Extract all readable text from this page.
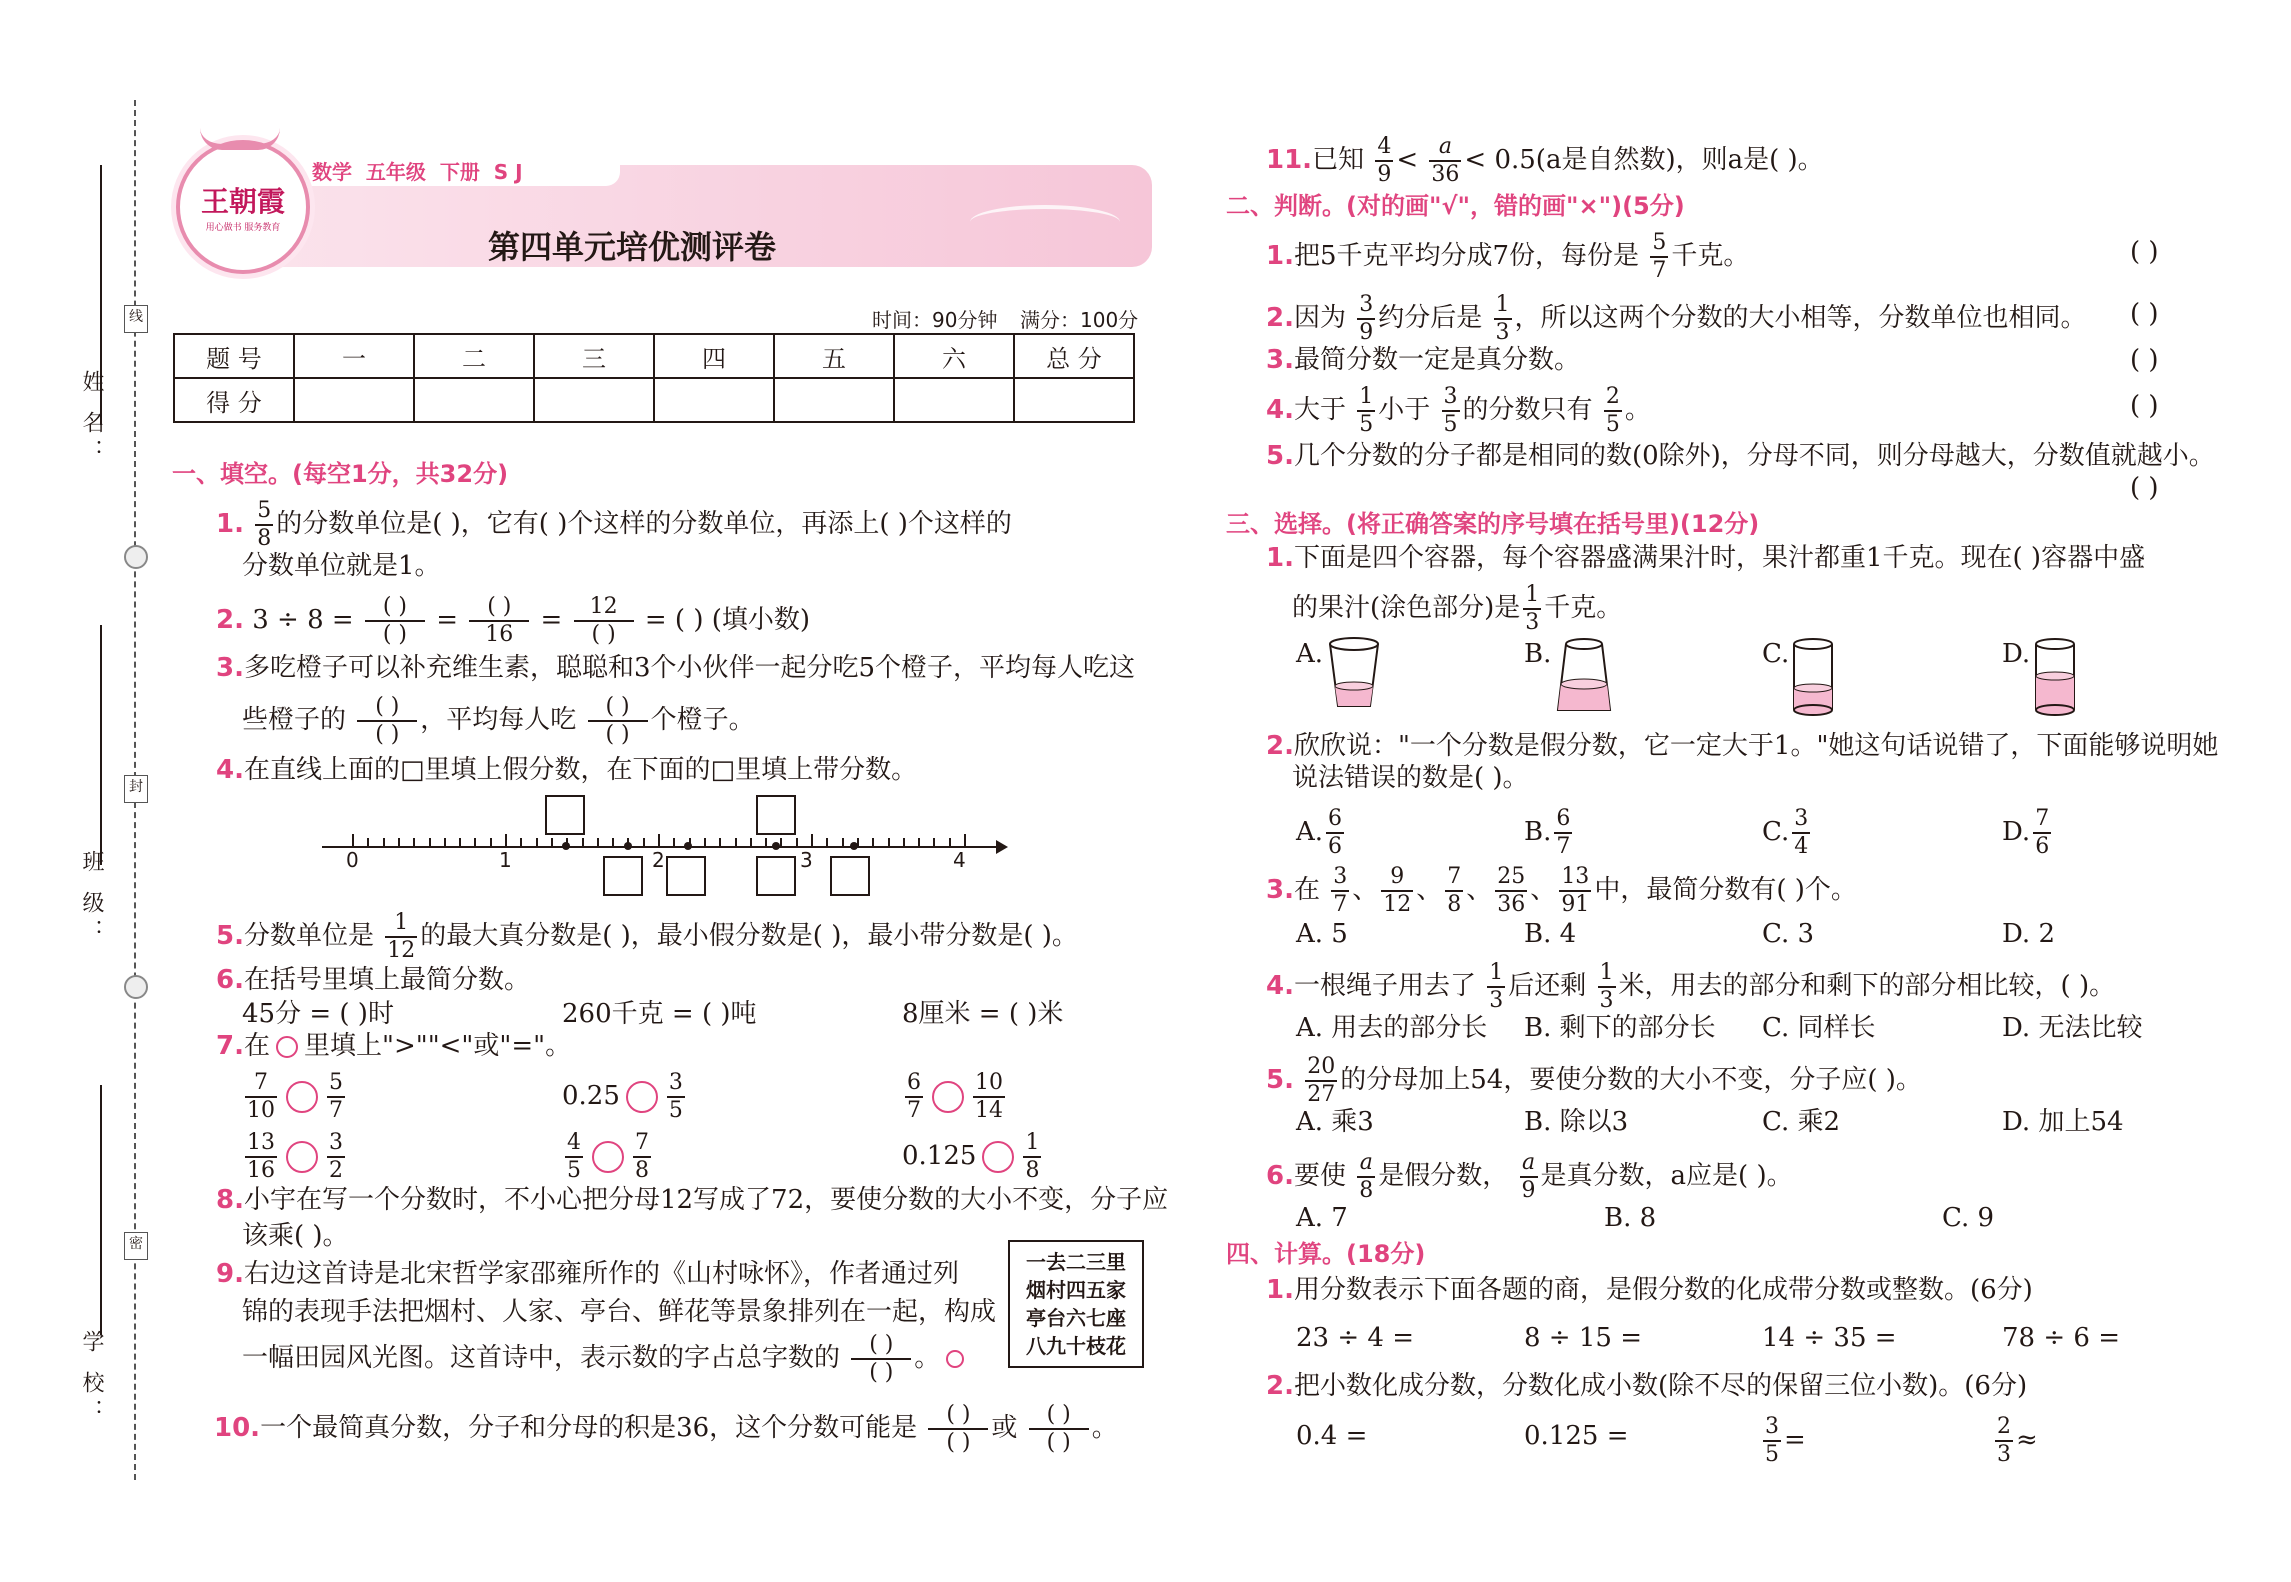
姓 名：
班 级：
学 校：
线
封
密
数学  五年级  下册  S J
王朝霞
用心做书 服务教育	第四单元培优测评卷
时间：90分钟 满分：100分
题 号	一	二	三	四	五	六	总 分
得 分							
一、填空。(每空1分，共32分)
1. $\frac{5}{8}$ 的分数单位是( )，它有( )个这样的分数单位，再添上( )个这样的
分数单位就是1。
2. $3 \div 8 = \frac{( )}{( )} = \frac{( )}{16} = \frac{12}{( )}$ = ( ) (填小数)
3.多吃橙子可以补充维生素，聪聪和3个小伙伴一起分吃5个橙子，平均每人吃这
些橙子的 $\frac{( )}{( )}$ ，平均每人吃 $\frac{( )}{( )}$ 个橙子。
4.在直线上面的□里填上假分数，在下面的□里填上带分数。
0	1	2	3	4
5.分数单位是 $\frac{1}{12}$ 的最大真分数是( )，最小假分数是( )，最小带分数是( )。
6.在括号里填上最简分数。
45分 = ( )时	260千克 = ( )吨	8厘米 = ( )米
7.在 里填上">""<"或"="。
$\frac{7}{10} \frac{5}{7}$	$0.25 \frac{3}{5}$	$\frac{6}{7} \frac{10}{14}$
$\frac{13}{16} \frac{3}{2}$	$\frac{4}{5} \frac{7}{8}$	$0.125 \frac{1}{8}$
8.小宇在写一个分数时，不小心把分母12写成了72，要使分数的大小不变，分子应
该乘( )。
9.右边这首诗是北宋哲学家邵雍所作的《山村咏怀》，作者通过列
锦的表现手法把烟村、人家、亭台、鲜花等景象排列在一起，构成
一幅田园风光图。这首诗中，表示数的字占总字数的 $\frac{( )}{( )}$ 。
一去二三里
烟村四五家
亭台六七座
八九十枝花
10.一个最简真分数，分子和分母的积是36，这个分数可能是 $\frac{( )}{( )}$ 或 $\frac{( )}{( )}$ 。
11.已知 $\frac{4}{9} < \frac{a}{36} < 0.5(a$是自然数)，则a是( )。
二、判断。(对的画"√"，错的画"×")(5分)
1.把5千克平均分成7份，每份是 $\frac{5}{7}$ 千克。	( )
2.因为 $\frac{3}{9}$ 约分后是 $\frac{1}{3}$ ，所以这两个分数的大小相等，分数单位也相同。 ( )
3.最简分数一定是真分数。	( )
4.大于 $\frac{1}{5}$ 小于 $\frac{3}{5}$ 的分数只有 $\frac{2}{5}$ 。	( )
5.几个分数的分子都是相同的数(0除外)，分母不同，则分母越大，分数值就越小。
( )
三、选择。(将正确答案的序号填在括号里)(12分)
1.下面是四个容器，每个容器盛满果汁时，果汁都重1千克。现在( )容器中盛
的果汁(涂色部分)是 $\frac{1}{3}$ 千克。
A.	B.	C.	D.
2.欣欣说："一个分数是假分数，它一定大于1。"她这句话说错了，下面能够说明她
说法错误的数是( )。
A. $\frac{6}{6}$	B. $\frac{6}{7}$	C. $\frac{3}{4}$	D. $\frac{7}{6}$
3.在 $\frac{3}{7}$ 、 $\frac{9}{12}$ 、 $\frac{7}{8}$ 、 $\frac{25}{36}$ 、 $\frac{13}{91}$ 中，最简分数有( )个。
A. 5	B. 4	C. 3	D. 2
4.一根绳子用去了 $\frac{1}{3}$ 后还剩 $\frac{1}{3}$ 米，用去的部分和剩下的部分相比较，( )。
A. 用去的部分长 B. 剩下的部分长 C. 同样长	D. 无法比较
5. $\frac{20}{27}$ 的分母加上54，要使分数的大小不变，分子应( )。
A. 乘3	B. 除以3	C. 乘2	D. 加上54
6.要使 $\frac{a}{8}$ 是假分数， $\frac{a}{9}$ 是真分数，a应是( )。
A. 7	B. 8	C. 9
四、计算。(18分)
1.用分数表示下面各题的商，是假分数的化成带分数或整数。(6分)
23 ÷ 4 =	8 ÷ 15 =	14 ÷ 35 =	78 ÷ 6 =
2.把小数化成分数，分数化成小数(除不尽的保留三位小数)。(6分)
0.4 =	0.125 =	$\frac{3}{5}$ =	$\frac{2}{3}$ ≈
